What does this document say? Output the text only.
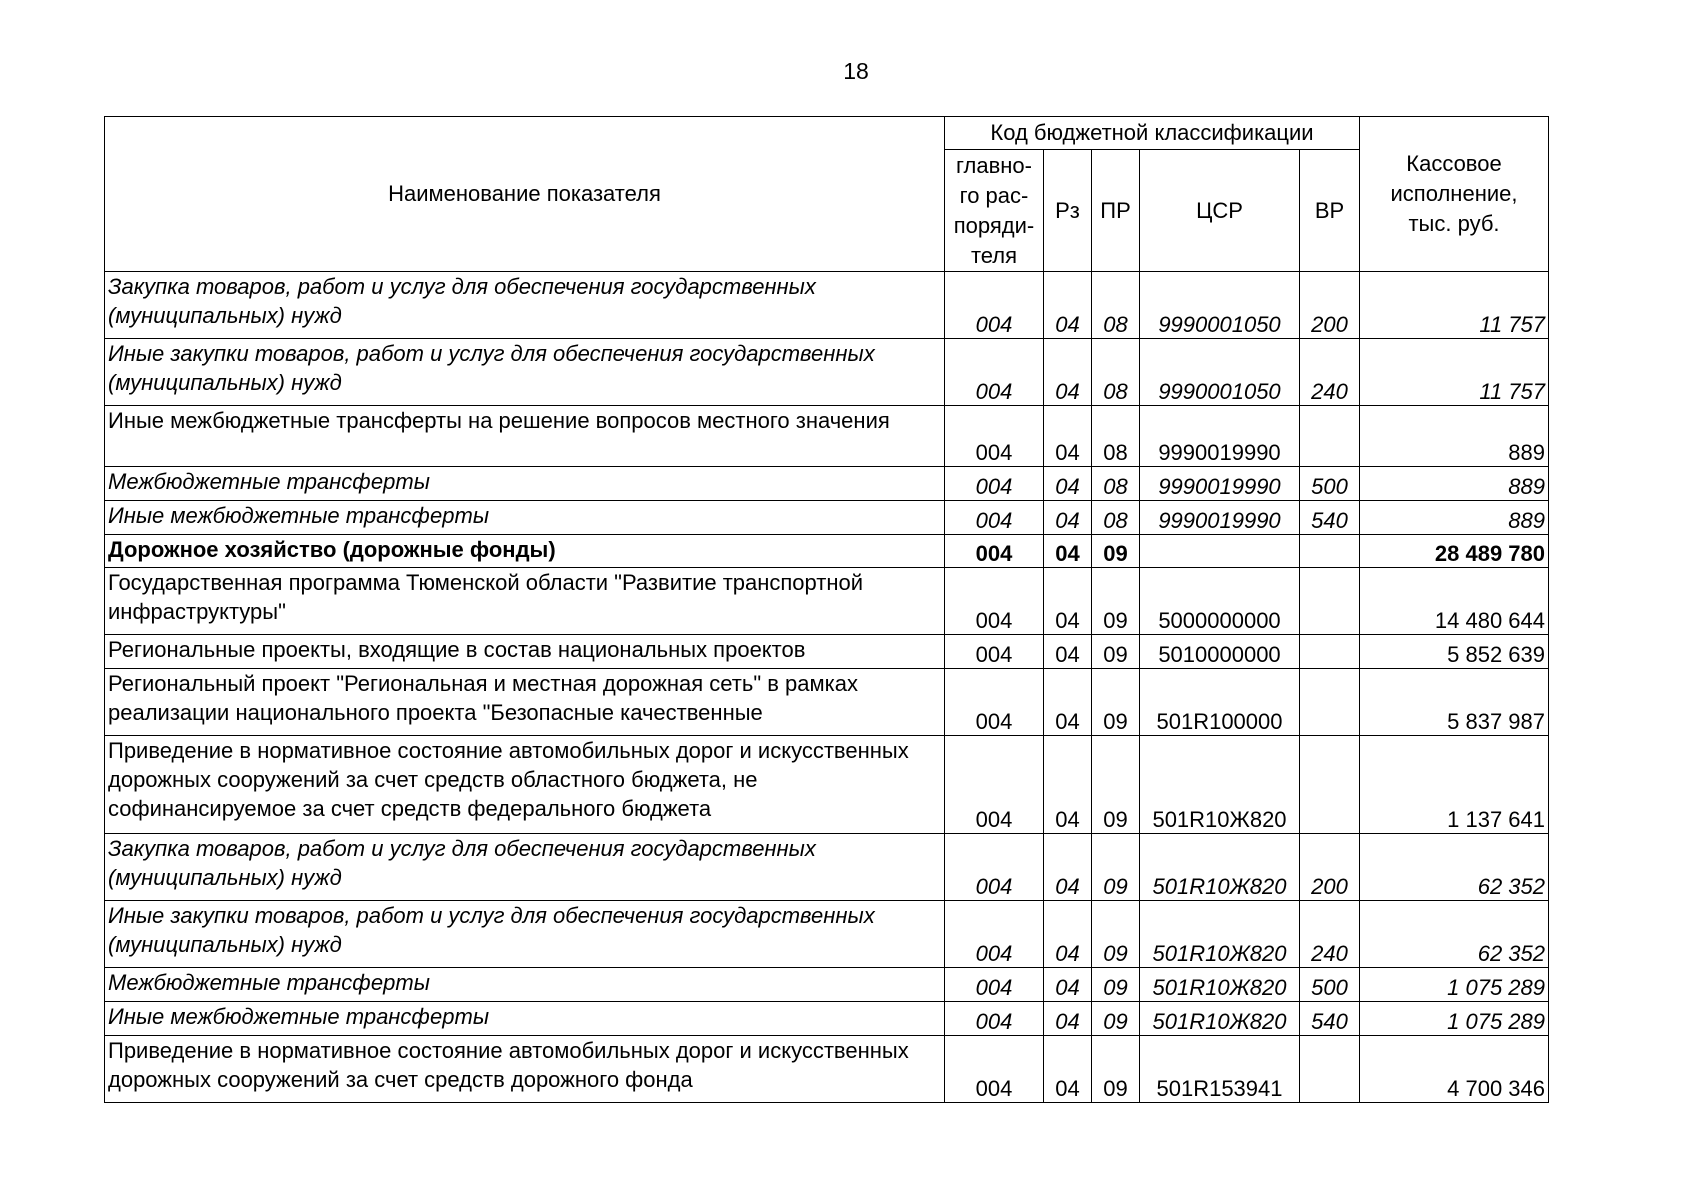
18
Наименование показателя	Код бюджетной классификации					Кассовое исполнение, тыс. руб.
	главно-го рас-поряди-теля	Рз	ПР	ЦСР	ВР	
Закупка товаров, работ и услуг для обеспечения государственных (муниципальных) нужд	004	04	08	9990001050	200	11 757
Иные закупки товаров, работ и услуг для обеспечения государственных (муниципальных) нужд	004	04	08	9990001050	240	11 757
Иные межбюджетные трансферты на решение вопросов местного значения	004	04	08	9990019990		889
Межбюджетные трансферты	004	04	08	9990019990	500	889
Иные межбюджетные трансферты	004	04	08	9990019990	540	889
Дорожное хозяйство (дорожные фонды)	004	04	09			28 489 780
Государственная программа Тюменской области "Развитие транспортной инфраструктуры"	004	04	09	5000000000		14 480 644
Региональные проекты, входящие в состав национальных проектов	004	04	09	5010000000		5 852 639
Региональный проект "Региональная и местная дорожная сеть" в рамках реализации национального проекта "Безопасные качественные	004	04	09	501R100000		5 837 987
Приведение в нормативное состояние автомобильных дорог и искусственных дорожных сооружений за счет средств областного бюджета, не софинансируемое за счет средств федерального бюджета	004	04	09	501R10Ж820		1 137 641
Закупка товаров, работ и услуг для обеспечения государственных (муниципальных) нужд	004	04	09	501R10Ж820	200	62 352
Иные закупки товаров, работ и услуг для обеспечения государственных (муниципальных) нужд	004	04	09	501R10Ж820	240	62 352
Межбюджетные трансферты	004	04	09	501R10Ж820	500	1 075 289
Иные межбюджетные трансферты	004	04	09	501R10Ж820	540	1 075 289
Приведение в нормативное состояние автомобильных дорог и искусственных дорожных сооружений за счет средств дорожного фонда	004	04	09	501R153941		4 700 346
